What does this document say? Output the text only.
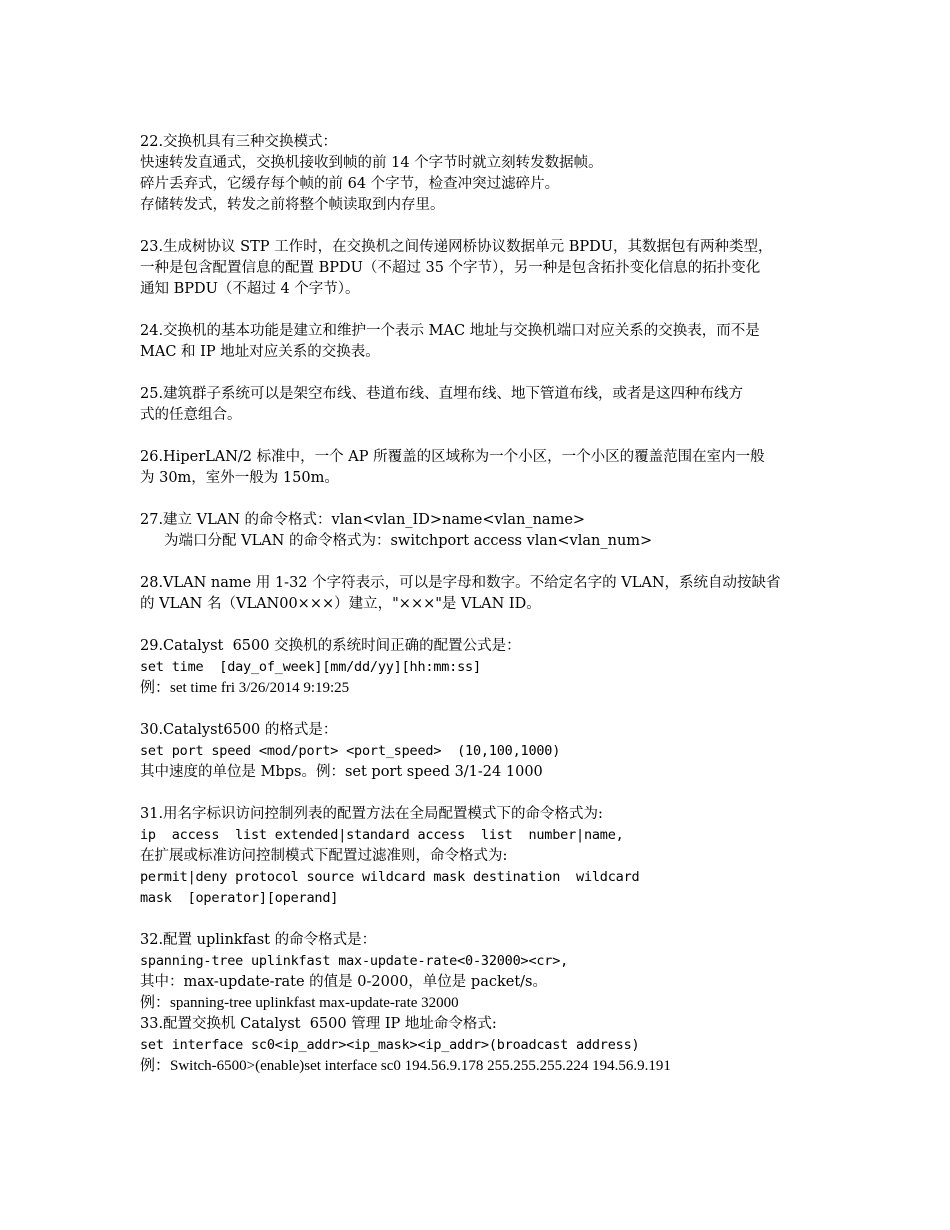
22.交换机具有三种交换模式：
快速转发直通式，交换机接收到帧的前 14 个字节时就立刻转发数据帧。
碎片丢弃式，它缓存每个帧的前 64 个字节，检查冲突过滤碎片。
存储转发式，转发之前将整个帧读取到内存里。
23.生成树协议 STP 工作时，在交换机之间传递网桥协议数据单元 BPDU，其数据包有两种类型，
一种是包含配置信息的配置 BPDU（不超过 35 个字节），另一种是包含拓扑变化信息的拓扑变化
通知 BPDU（不超过 4 个字节）。
24.交换机的基本功能是建立和维护一个表示 MAC 地址与交换机端口对应关系的交换表，而不是
MAC 和 IP 地址对应关系的交换表。
25.建筑群子系统可以是架空布线、巷道布线、直埋布线、地下管道布线，或者是这四种布线方
式的任意组合。
26.HiperLAN/2 标准中，一个 AP 所覆盖的区域称为一个小区，一个小区的覆盖范围在室内一般
为 30m，室外一般为 150m。
27.建立 VLAN 的命令格式：vlan<vlan_ID>name<vlan_name>
为端口分配 VLAN 的命令格式为：switchport access vlan<vlan_num>
28.VLAN name 用 1-32 个字符表示，可以是字母和数字。不给定名字的 VLAN，系统自动按缺省
的 VLAN 名（VLAN00×××）建立，"×××"是 VLAN ID。
29.Catalyst  6500 交换机的系统时间正确的配置公式是：
set time  [day_of_week][mm/dd/yy][hh:mm:ss]
例：set time fri 3/26/2014 9:19:25
30.Catalyst6500 的格式是：
set port speed <mod/port> <port_speed>  (10,100,1000)
其中速度的单位是 Mbps。例：set port speed 3/1-24 1000
31.用名字标识访问控制列表的配置方法在全局配置模式下的命令格式为:
ip  access  list extended|standard access  list  number|name,
在扩展或标准访问控制模式下配置过滤准则，命令格式为:
permit|deny protocol source wildcard mask destination  wildcard
mask  [operator][operand]
32.配置 uplinkfast 的命令格式是：
spanning-tree uplinkfast max-update-rate<0-32000><cr>,
其中：max-update-rate 的值是 0-2000，单位是 packet/s。
例：spanning-tree uplinkfast max-update-rate 32000
33.配置交换机 Catalyst  6500 管理 IP 地址命令格式:
set interface sc0<ip_addr><ip_mask><ip_addr>(broadcast address)
例：Switch-6500>(enable)set interface sc0 194.56.9.178 255.255.255.224 194.56.9.191
